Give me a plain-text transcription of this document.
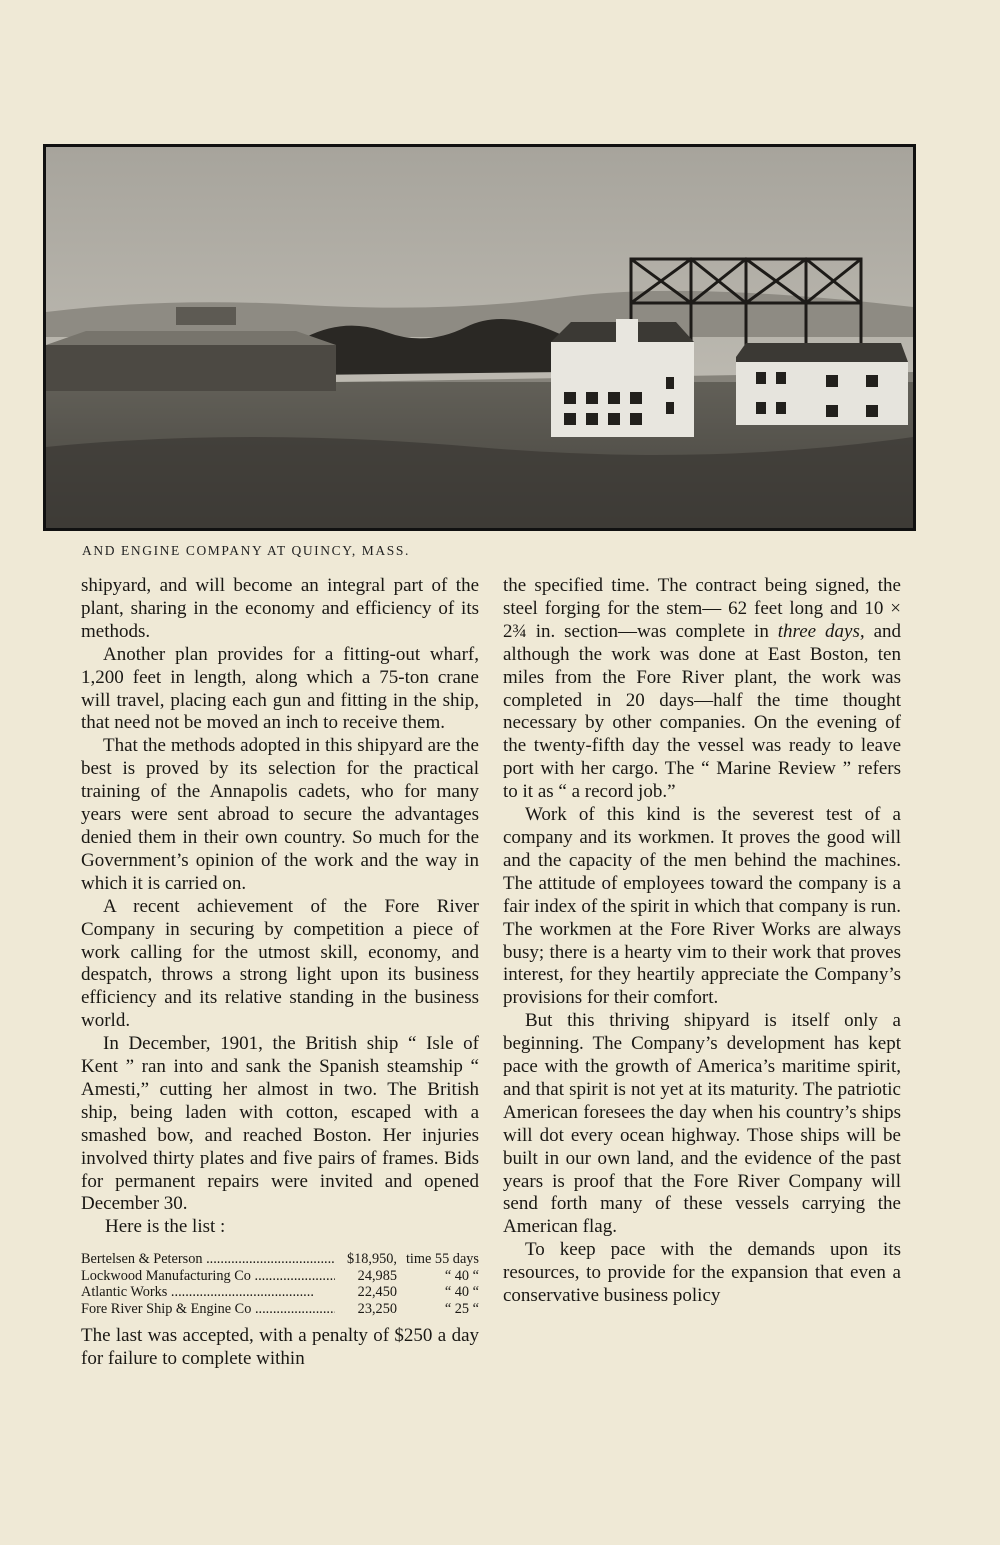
AND ENGINE COMPANY AT QUINCY, MASS.

shipyard, and will become an integral part of the plant, sharing in the economy and efficiency of its methods.

Another plan provides for a fitting-out wharf, 1,200 feet in length, along which a 75-ton crane will travel, placing each gun and fitting in the ship, that need not be moved an inch to receive them.

That the methods adopted in this shipyard are the best is proved by its selection for the practical training of the Annapolis cadets, who for many years were sent abroad to secure the advantages denied them in their own country. So much for the Government’s opinion of the work and the way in which it is carried on.

A recent achievement of the Fore River Company in securing by competition a piece of work calling for the utmost skill, economy, and despatch, throws a strong light upon its business efficiency and its relative standing in the business world.

In December, 1901, the British ship “ Isle of Kent ” ran into and sank the Spanish steamship “ Amesti,” cutting her almost in two. The British ship, being laden with cotton, escaped with a smashed bow, and reached Boston. Her injuries involved thirty plates and five pairs of frames. Bids for permanent repairs were invited and opened December 30.

Here is the list :

Bertelsen & Peterson .....	$18,950, time 55 days
Lockwood Manufacturing Co .....	24,985	“ 40 “
Atlantic Works .....	22,450	“ 40 “
Fore River Ship & Engine Co .....	23,250	“ 25 “

The last was accepted, with a penalty of $250 a day for failure to complete within

the specified time. The contract being signed, the steel forging for the stem— 62 feet long and 10 × 2¾ in. section—was complete in three days, and although the work was done at East Boston, ten miles from the Fore River plant, the work was completed in 20 days—half the time thought necessary by other companies. On the evening of the twenty-fifth day the vessel was ready to leave port with her cargo. The “ Marine Review ” refers to it as “ a record job.”

Work of this kind is the severest test of a company and its workmen. It proves the good will and the capacity of the men behind the machines. The attitude of employees toward the company is a fair index of the spirit in which that company is run. The workmen at the Fore River Works are always busy; there is a hearty vim to their work that proves interest, for they heartily appreciate the Company’s provisions for their comfort.

But this thriving shipyard is itself only a beginning. The Company’s development has kept pace with the growth of America’s maritime spirit, and that spirit is not yet at its maturity. The patriotic American foresees the day when his country’s ships will dot every ocean highway. Those ships will be built in our own land, and the evidence of the past years is proof that the Fore River Company will send forth many of these vessels carrying the American flag.

To keep pace with the demands upon its resources, to provide for the expansion that even a conservative business policy
